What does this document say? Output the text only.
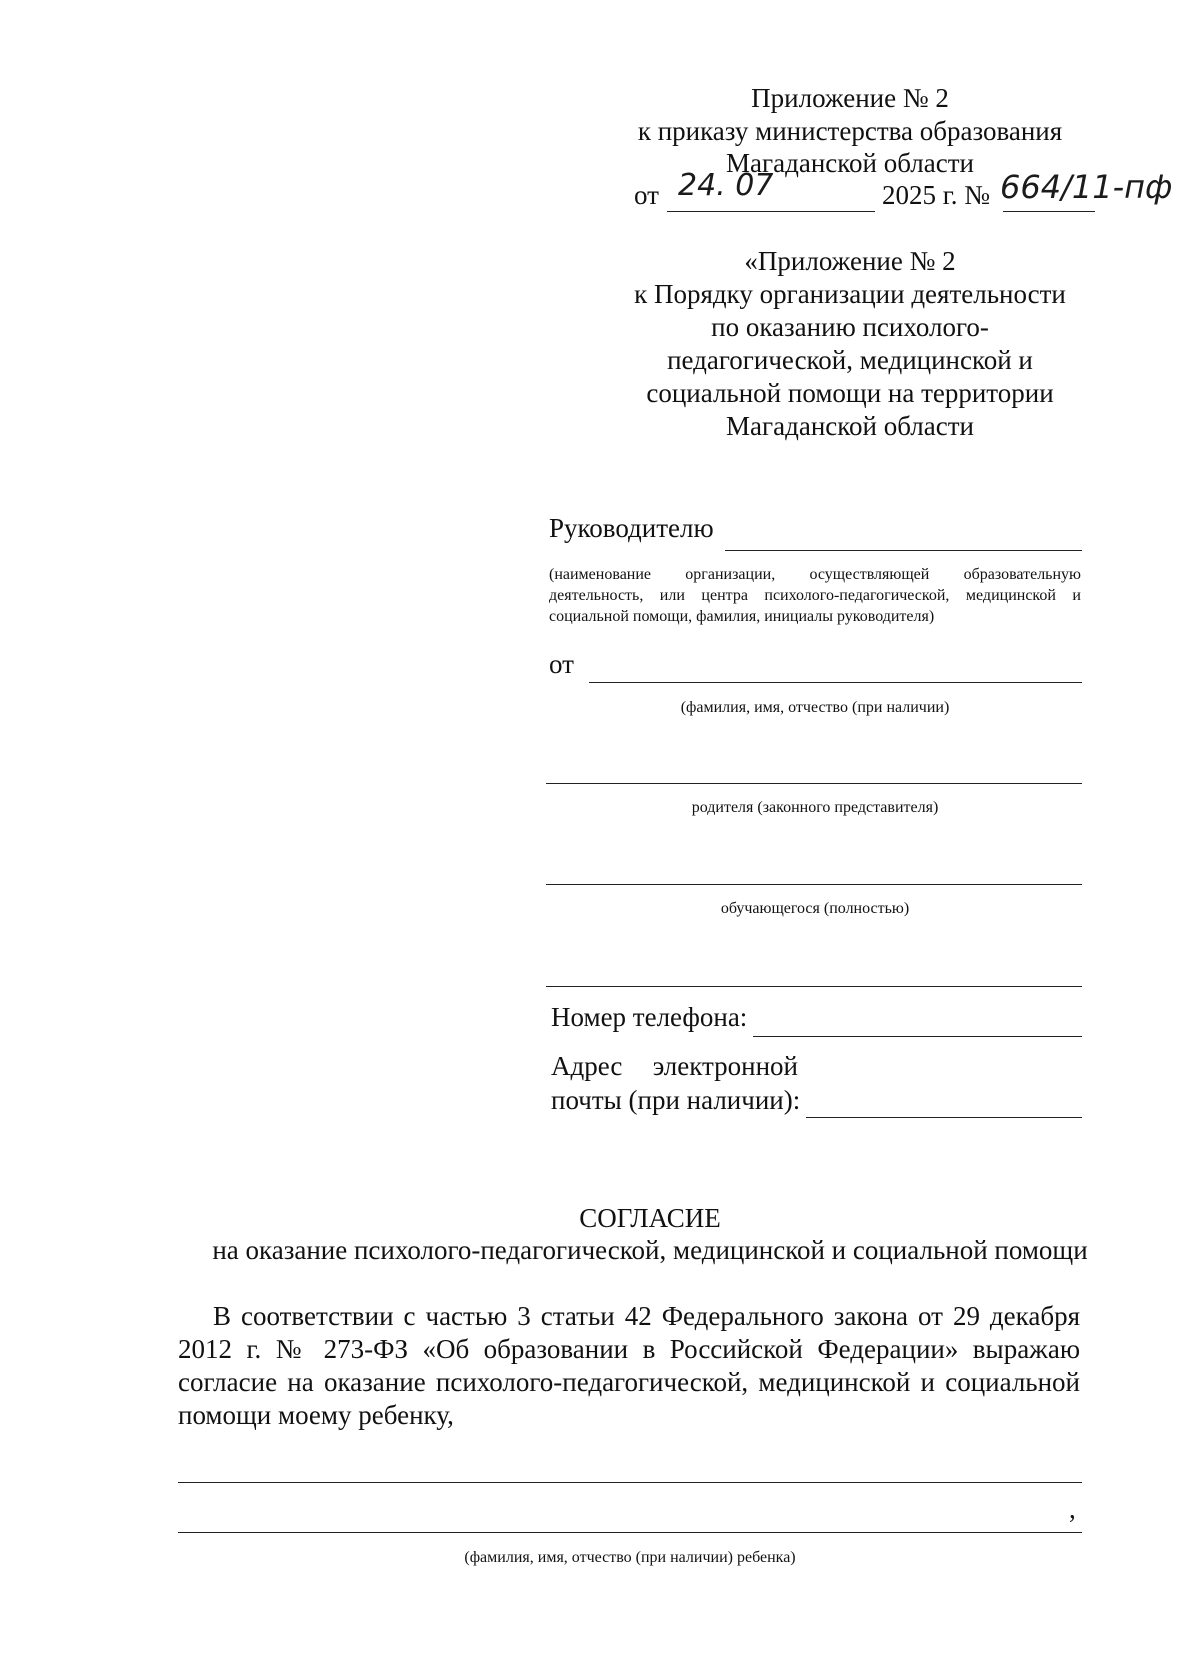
Приложение № 2
к приказу министерства образования
Магаданской области
от 24. 07	2025 г. № 664/11-пф
«Приложение № 2
к Порядку организации деятельности
по оказанию психолого-
педагогической, медицинской и
социальной помощи на территории
Магаданской области
Руководителю
(наименование организации, осуществляющей образовательную деятельность, или центра психолого-педагогической, медицинской и социальной помощи, фамилия, инициалы руководителя)
от
(фамилия, имя, отчество (при наличии)
родителя (законного представителя)
обучающегося (полностью)
Номер телефона:
Адрес электронной
почты (при наличии):
СОГЛАСИЕ
на оказание психолого-педагогической, медицинской и социальной помощи
В соответствии с частью 3 статьи 42 Федерального закона от 29 декабря 2012 г. № 273-ФЗ «Об образовании в Российской Федерации» выражаю согласие на оказание психолого-педагогической, медицинской и социальной помощи моему ребенку,
,
(фамилия, имя, отчество (при наличии) ребенка)
